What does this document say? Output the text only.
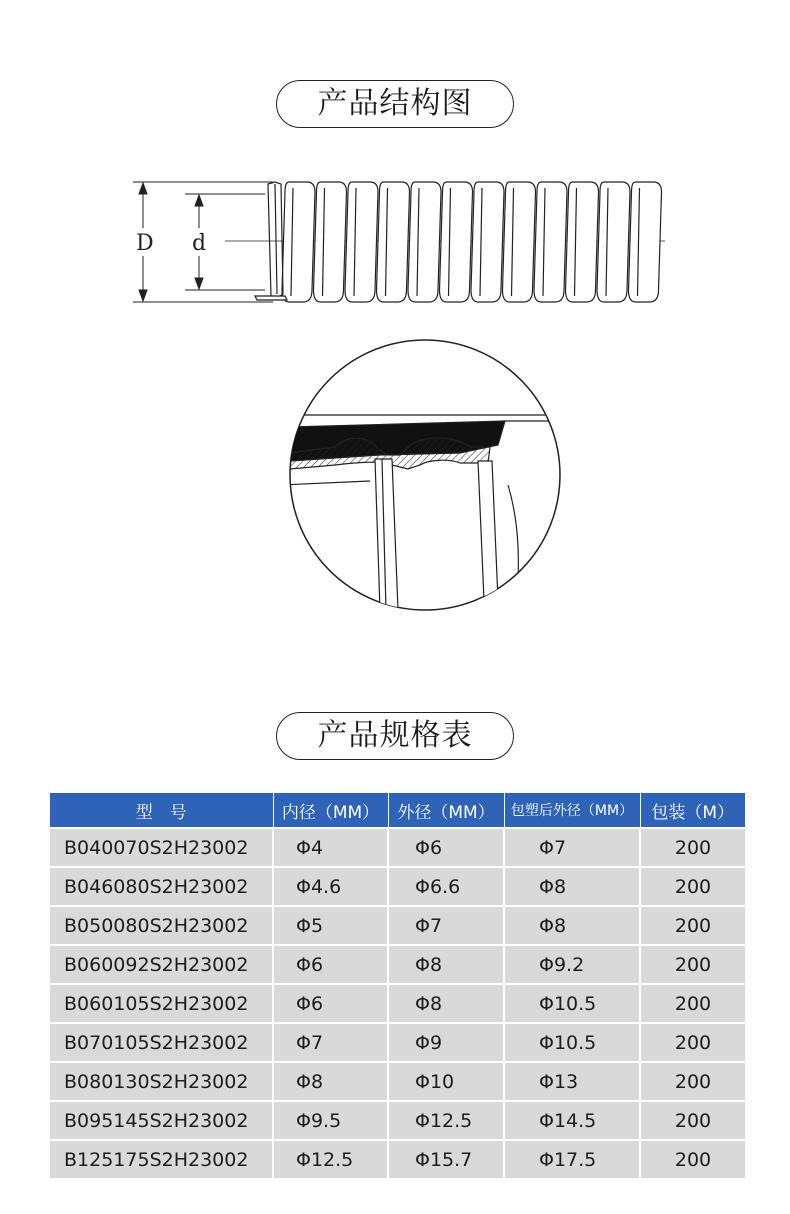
产品结构图
D d
产品规格表
型　号	内径（MM）	外径（MM）	包塑后外径（MM）	包装（M）
B040070S2H23002	Φ4	Φ6	Φ7	200
B046080S2H23002	Φ4.6	Φ6.6	Φ8	200
B050080S2H23002	Φ5	Φ7	Φ8	200
B060092S2H23002	Φ6	Φ8	Φ9.2	200
B060105S2H23002	Φ6	Φ8	Φ10.5	200
B070105S2H23002	Φ7	Φ9	Φ10.5	200
B080130S2H23002	Φ8	Φ10	Φ13	200
B095145S2H23002	Φ9.5	Φ12.5	Φ14.5	200
B125175S2H23002	Φ12.5	Φ15.7	Φ17.5	200
